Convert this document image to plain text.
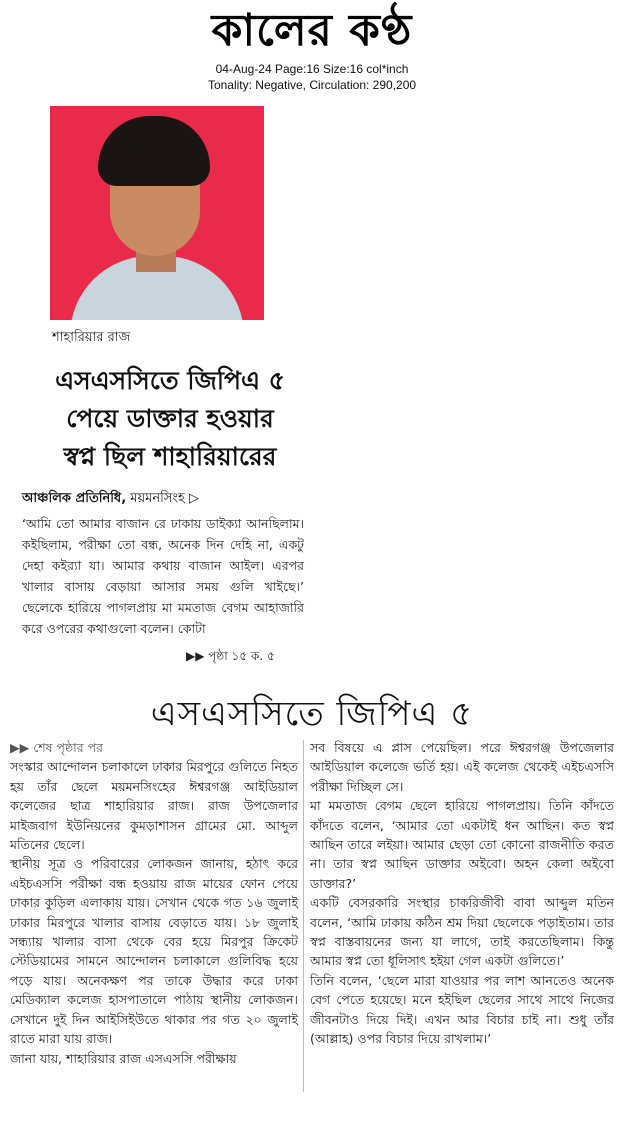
কালের কণ্ঠ
04-Aug-24 Page:16 Size:16 col*inch
Tonality: Negative, Circulation: 290,200
শাহারিয়ার রাজ
এসএসসিতে জিপিএ ৫
পেয়ে ডাক্তার হওয়ার
স্বপ্ন ছিল শাহারিয়ারের
আঞ্চলিক প্রতিনিধি, ময়মনসিংহ ▷
‘আমি তো আমার বাজান রে ঢাকায় ডাইক্যা আনছিলাম। কইছিলাম, পরীক্ষা তো বন্ধ, অনেক দিন দেহি না, একটু দেহা কইর‍্যা যা। আমার কথায় বাজান আইল। এরপর খালার বাসায় বেড়ায়া আসার সময় গুলি খাইছে।’ ছেলেকে হারিয়ে পাগলপ্রায় মা মমতাজ বেগম আহাজারি করে ওপরের কথাগুলো বলেন। কোটা
▶▶ পৃষ্ঠা ১৫ ক. ৫
এসএসসিতে জিপিএ ৫

▶▶ শেষ পৃষ্ঠার পর

সংস্কার আন্দোলন চলাকালে ঢাকার মিরপুরে গুলিতে নিহত হয় তাঁর ছেলে ময়মনসিংহের ঈশ্বরগঞ্জ আইডিয়াল কলেজের ছাত্র শাহারিয়ার রাজ। রাজ উপজেলার মাইজবাগ ইউনিয়নের কুমড়াশাসন গ্রামের মো. আব্দুল মতিনের ছেলে।

স্থানীয় সূত্র ও পরিবারের লোকজন জানায়, হঠাৎ করে এইচএসসি পরীক্ষা বন্ধ হওয়ায় রাজ মায়ের ফোন পেয়ে ঢাকার কুড়িল এলাকায় যায়। সেখান থেকে গত ১৬ জুলাই ঢাকার মিরপুরে খালার বাসায় বেড়াতে যায়। ১৮ জুলাই সন্ধ্যায় খালার বাসা থেকে বের হয়ে মিরপুর ক্রিকেট স্টেডিয়ামের সামনে আন্দোলন চলাকালে গুলিবিদ্ধ হয়ে পড়ে যায়। অনেকক্ষণ পর তাকে উদ্ধার করে ঢাকা মেডিক্যাল কলেজ হাসপাতালে পাঠায় স্থানীয় লোকজন। সেখানে দুই দিন আইসিইউতে থাকার পর গত ২০ জুলাই রাতে মারা যায় রাজ।

জানা যায়, শাহারিয়ার রাজ এসএসসি পরীক্ষায়

সব বিষয়ে এ প্লাস পেয়েছিল। পরে ঈশ্বরগঞ্জ উপজেলার আইডিয়াল কলেজে ভর্তি হয়। এই কলেজ থেকেই এইচএসসি পরীক্ষা দিচ্ছিল সে।

মা মমতাজ বেগম ছেলে হারিয়ে পাগলপ্রায়। তিনি কাঁদতে কাঁদতে বলেন, ‘আমার তো একটাই ধন আছিন। কত স্বপ্ন আছিন তারে লইয়া। আমার ছেড়া তো কোনো রাজনীতি করত না। তার স্বপ্ন আছিন ডাক্তার অইবো। অহন কেলা অইবো ডাক্তার?’

একটি বেসরকারি সংস্থার চাকরিজীবী বাবা আব্দুল মতিন বলেন, ‘আমি ঢাকায় কঠিন শ্রম দিয়া ছেলেকে পড়াইতাম। তার স্বপ্ন বাস্তবায়নের জন্য যা লাগে, তাই করতেছিলাম। কিন্তু আমার স্বপ্ন তো ধূলিসাৎ হইয়া গেল একটা গুলিতে।’

তিনি বলেন, ‘ছেলে মারা যাওয়ার পর লাশ আনতেও অনেক বেগ পেতে হয়েছে। মনে হইছিল ছেলের সাথে সাথে নিজের জীবনটাও দিয়ে দিই। এখন আর বিচার চাই না। শুধু তাঁর (আল্লাহ) ওপর বিচার দিয়ে রাখলাম।’
